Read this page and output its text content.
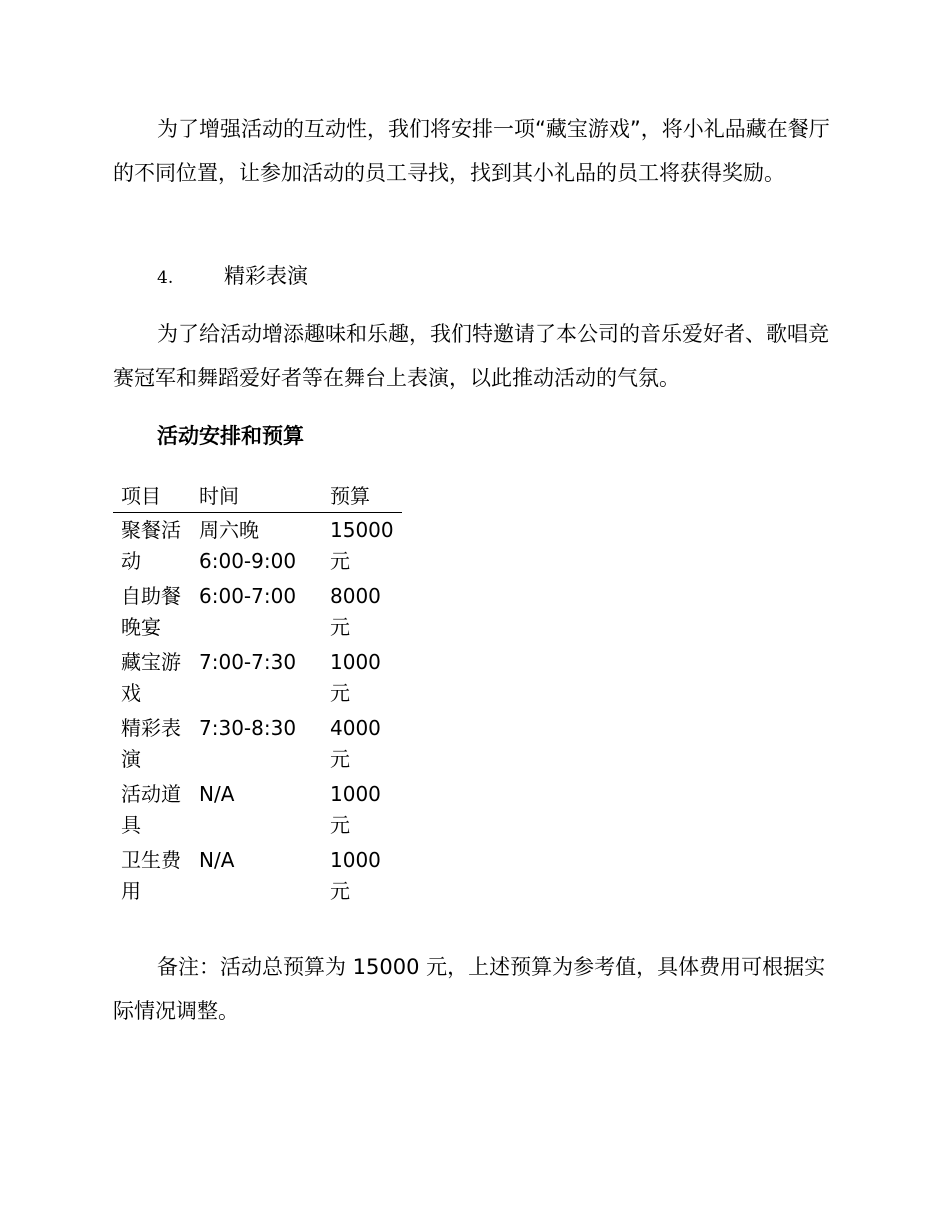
为了增强活动的互动性，我们将安排一项“藏宝游戏”，将小礼品藏在餐厅的不同位置，让参加活动的员工寻找，找到其小礼品的员工将获得奖励。

4.	精彩表演

为了给活动增添趣味和乐趣，我们特邀请了本公司的音乐爱好者、歌唱竞赛冠军和舞蹈爱好者等在舞台上表演，以此推动活动的气氛。

活动安排和预算
项目	时间	预算
聚餐活动	周六晚 6:00-9:00	15000 元
自助餐晚宴	6:00-7:00	8000 元
藏宝游戏	7:00-7:30	1000 元
精彩表演	7:30-8:30	4000 元
活动道具	N/A	1000 元
卫生费用	N/A	1000 元

备注：活动总预算为 15000 元，上述预算为参考值，具体费用可根据实际情况调整。
